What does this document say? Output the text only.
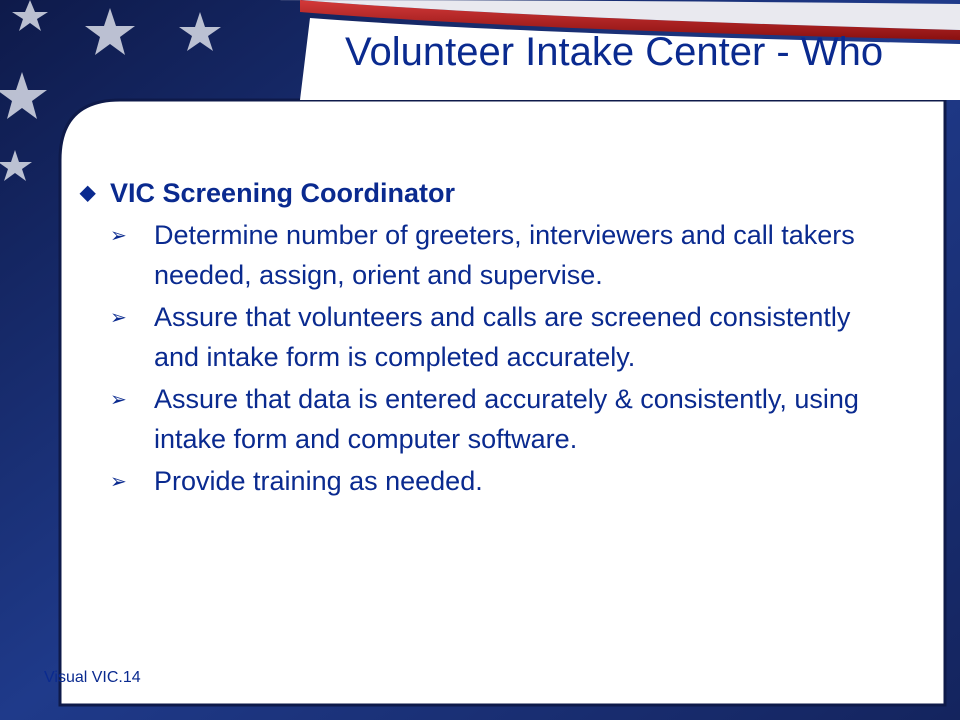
Volunteer Intake Center - Who
◆ VIC Screening Coordinator
➢ Determine number of greeters, interviewers and call takers needed, assign, orient and supervise.
➢ Assure that volunteers and calls are screened consistently and intake form is completed accurately.
➢ Assure that data is entered accurately & consistently, using intake form and computer software.
➢ Provide training as needed.
Visual VIC.14
